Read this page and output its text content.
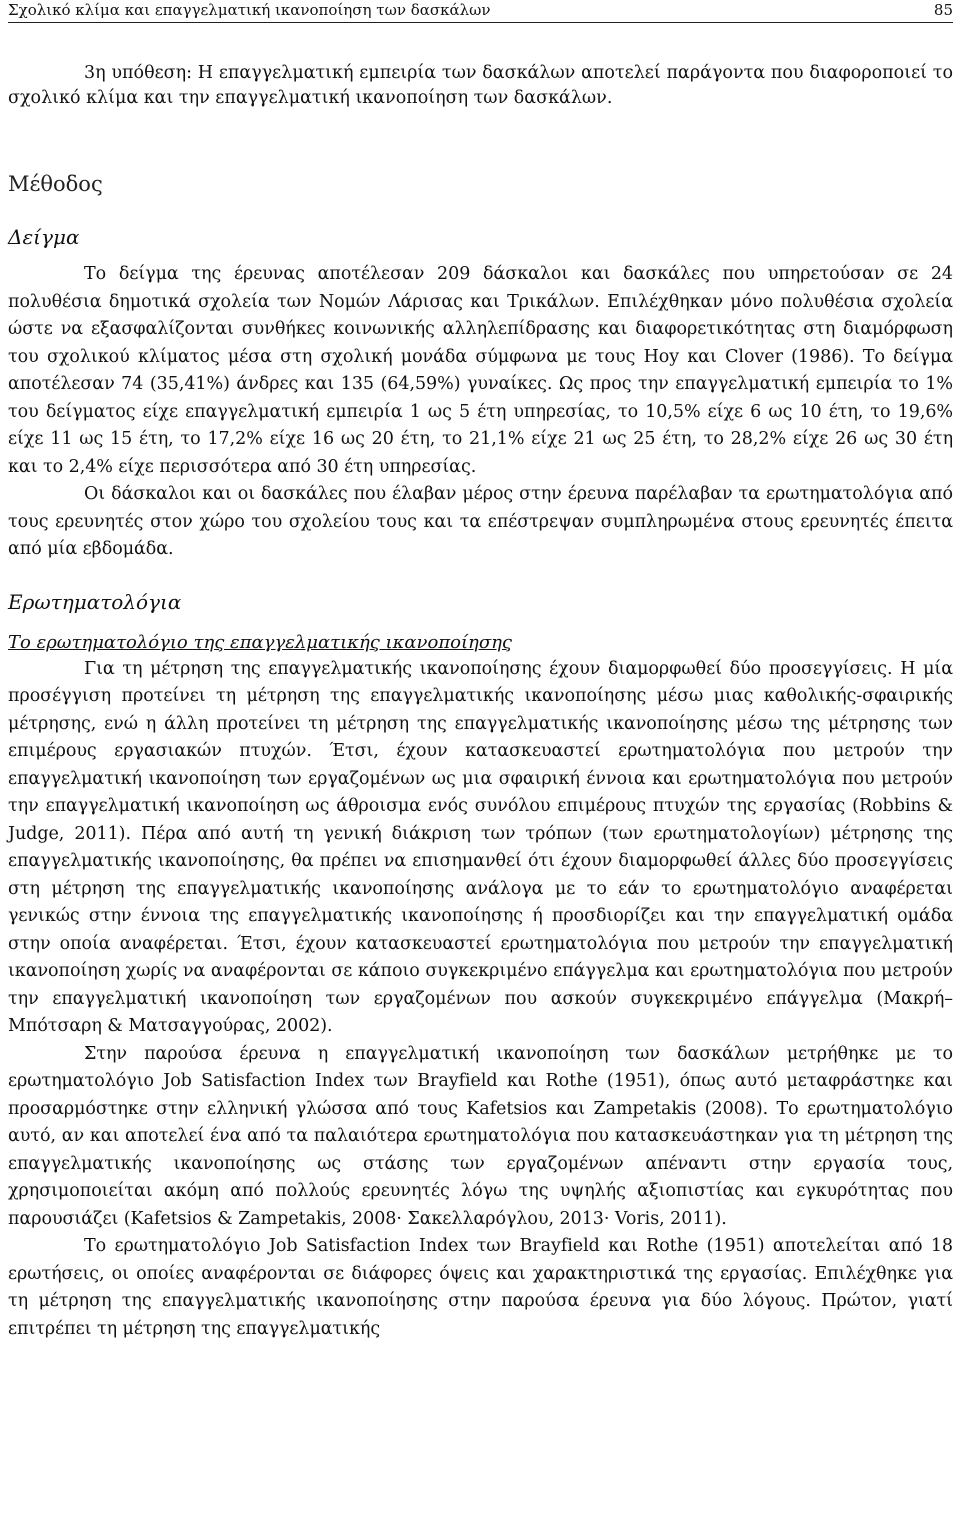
Σχολικό κλίμα και επαγγελματική ικανοποίηση των δασκάλων	85

3η υπόθεση: Η επαγγελματική εμπειρία των δασκάλων αποτελεί παράγοντα που διαφοροποιεί το σχολικό κλίμα και την επαγγελματική ικανοποίηση των δασκάλων.

Μέθοδος
Δείγμα

Το δείγμα της έρευνας αποτέλεσαν 209 δάσκαλοι και δασκάλες που υπηρετούσαν σε 24 πολυθέσια δημοτικά σχολεία των Νομών Λάρισας και Τρικάλων. Επιλέχθηκαν μόνο πολυθέσια σχολεία ώστε να εξασφαλίζονται συνθήκες κοινωνικής αλληλεπίδρασης και διαφορετικότητας στη διαμόρφωση του σχολικού κλίματος μέσα στη σχολική μονάδα σύμφωνα με τους Hoy και Clover (1986). Το δείγμα αποτέλεσαν 74 (35,41%) άνδρες και 135 (64,59%) γυναίκες. Ως προς την επαγγελματική εμπειρία το 1% του δείγματος είχε επαγγελματική εμπειρία 1 ως 5 έτη υπηρεσίας, το 10,5% είχε 6 ως 10 έτη, το 19,6% είχε 11 ως 15 έτη, το 17,2% είχε 16 ως 20 έτη, το 21,1% είχε 21 ως 25 έτη, το 28,2% είχε 26 ως 30 έτη και το 2,4% είχε περισσότερα από 30 έτη υπηρεσίας.

Οι δάσκαλοι και οι δασκάλες που έλαβαν μέρος στην έρευνα παρέλαβαν τα ερωτηματολόγια από τους ερευνητές στον χώρο του σχολείου τους και τα επέστρεψαν συμπληρωμένα στους ερευνητές έπειτα από μία εβδομάδα.

Ερωτηματολόγια
Το ερωτηματολόγιο της επαγγελματικής ικανοποίησης

Για τη μέτρηση της επαγγελματικής ικανοποίησης έχουν διαμορφωθεί δύο προσεγγίσεις. Η μία προσέγγιση προτείνει τη μέτρηση της επαγγελματικής ικανοποίησης μέσω μιας καθολικής-σφαιρικής μέτρησης, ενώ η άλλη προτείνει τη μέτρηση της επαγγελματικής ικανοποίησης μέσω της μέτρησης των επιμέρους εργασιακών πτυχών. Έτσι, έχουν κατασκευαστεί ερωτηματολόγια που μετρούν την επαγγελματική ικανοποίηση των εργαζομένων ως μια σφαιρική έννοια και ερωτηματολόγια που μετρούν την επαγγελματική ικανοποίηση ως άθροισμα ενός συνόλου επιμέρους πτυχών της εργασίας (Robbins & Judge, 2011). Πέρα από αυτή τη γενική διάκριση των τρόπων (των ερωτηματολογίων) μέτρησης της επαγγελματικής ικανοποίησης, θα πρέπει να επισημανθεί ότι έχουν διαμορφωθεί άλλες δύο προσεγγίσεις στη μέτρηση της επαγγελματικής ικανοποίησης ανάλογα με το εάν το ερωτηματολόγιο αναφέρεται γενικώς στην έννοια της επαγγελματικής ικανοποίησης ή προσδιορίζει και την επαγγελματική ομάδα στην οποία αναφέρεται. Έτσι, έχουν κατασκευαστεί ερωτηματολόγια που μετρούν την επαγγελματική ικανοποίηση χωρίς να αναφέρονται σε κάποιο συγκεκριμένο επάγγελμα και ερωτηματολόγια που μετρούν την επαγγελματική ικανοποίηση των εργαζομένων που ασκούν συγκεκριμένο επάγγελμα (Μακρή–Μπότσαρη & Ματσαγγούρας, 2002).

Στην παρούσα έρευνα η επαγγελματική ικανοποίηση των δασκάλων μετρήθηκε με το ερωτηματολόγιο Job Satisfaction Index των Brayfield και Rothe (1951), όπως αυτό μεταφράστηκε και προσαρμόστηκε στην ελληνική γλώσσα από τους Kafetsios και Zampetakis (2008). Το ερωτηματολόγιο αυτό, αν και αποτελεί ένα από τα παλαιότερα ερωτηματολόγια που κατασκευάστηκαν για τη μέτρηση της επαγγελματικής ικανοποίησης ως στάσης των εργαζομένων απέναντι στην εργασία τους, χρησιμοποιείται ακόμη από πολλούς ερευνητές λόγω της υψηλής αξιοπιστίας και εγκυρότητας που παρουσιάζει (Kafetsios & Zampetakis, 2008· Σακελλαρόγλου, 2013· Voris, 2011).

Το ερωτηματολόγιο Job Satisfaction Index των Brayfield και Rothe (1951) αποτελείται από 18 ερωτήσεις, οι οποίες αναφέρονται σε διάφορες όψεις και χαρακτηριστικά της εργασίας. Επιλέχθηκε για τη μέτρηση της επαγγελματικής ικανοποίησης στην παρούσα έρευνα για δύο λόγους. Πρώτον, γιατί επιτρέπει τη μέτρηση της επαγγελματικής
